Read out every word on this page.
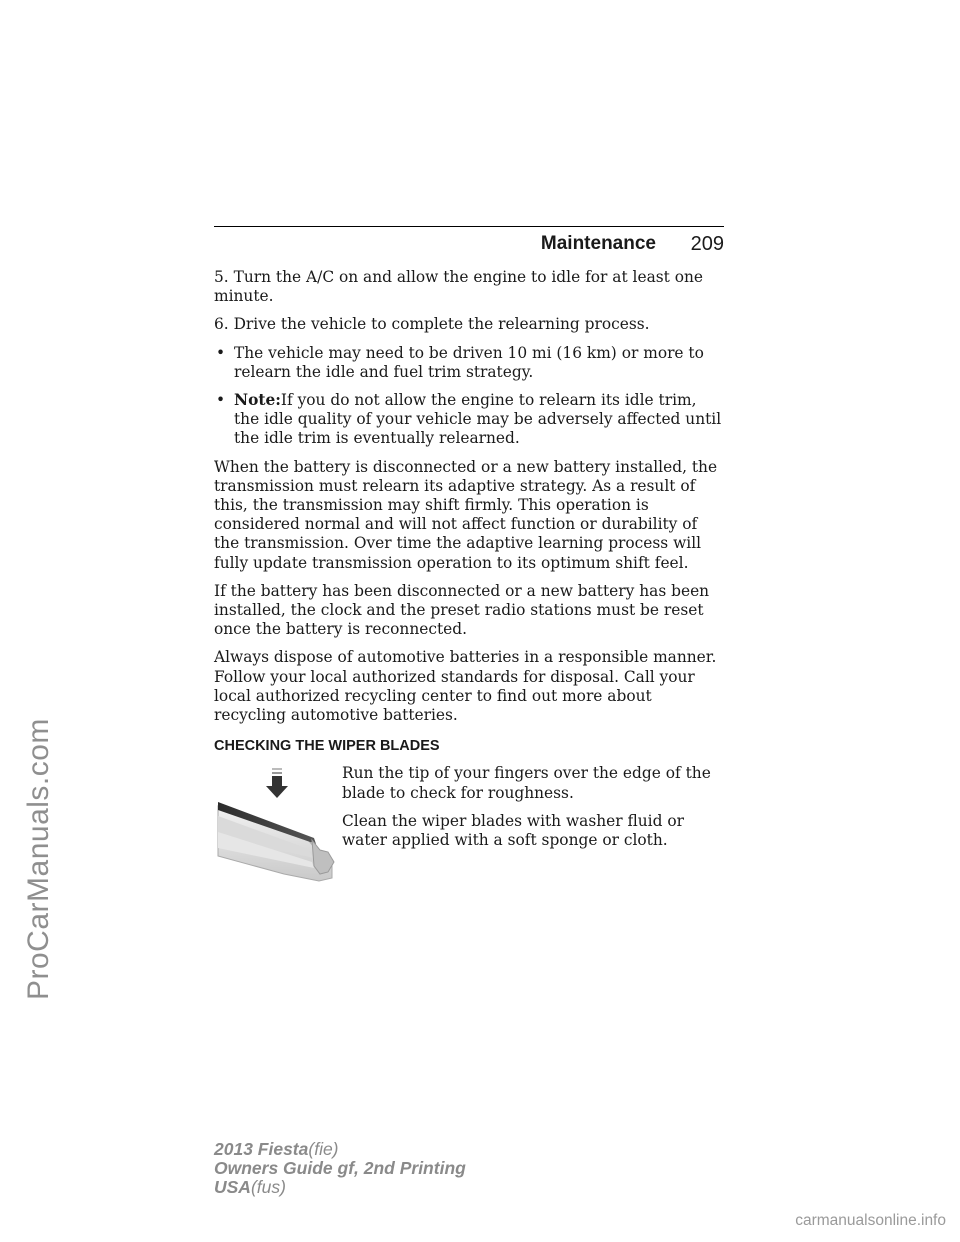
ProCarManuals.com
Maintenance 209

5. Turn the A/C on and allow the engine to idle for at least one minute.

6. Drive the vehicle to complete the relearning process.

• The vehicle may need to be driven 10 mi (16 km) or more to relearn the idle and fuel trim strategy.
• Note:If you do not allow the engine to relearn its idle trim, the idle quality of your vehicle may be adversely affected until the idle trim is eventually relearned.

When the battery is disconnected or a new battery installed, the transmission must relearn its adaptive strategy. As a result of this, the transmission may shift firmly. This operation is considered normal and will not affect function or durability of the transmission. Over time the adaptive learning process will fully update transmission operation to its optimum shift feel.

If the battery has been disconnected or a new battery has been installed, the clock and the preset radio stations must be reset once the battery is reconnected.

Always dispose of automotive batteries in a responsible manner. Follow your local authorized standards for disposal. Call your local authorized recycling center to find out more about recycling automotive batteries.

CHECKING THE WIPER BLADES

Run the tip of your fingers over the edge of the blade to check for roughness.

Clean the wiper blades with washer fluid or water applied with a soft sponge or cloth.

2013 Fiesta(fie)
Owners Guide gf, 2nd Printing
USA(fus)
carmanualsonline.info
